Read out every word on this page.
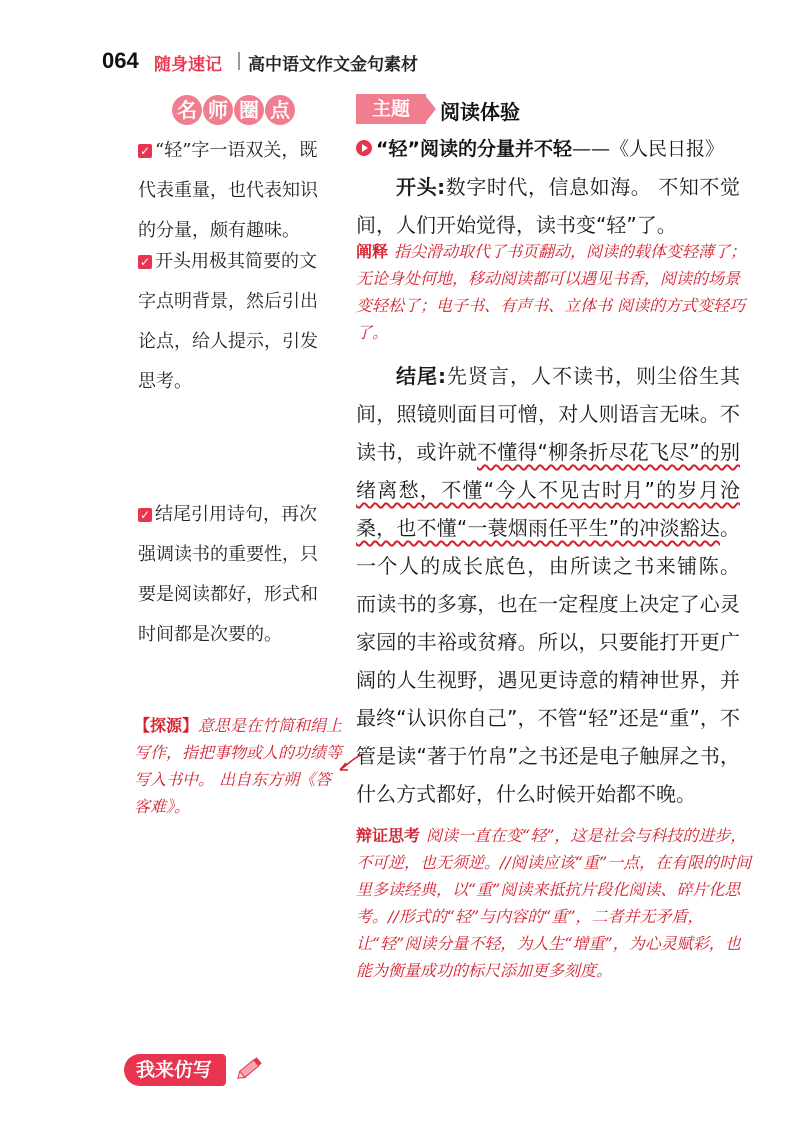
064 随身速记 高中语文作文金句素材
名 师 圈 点	主题	阅读体验
✓ “轻”字一语双关，既代表重量，也代表知识的分量，颇有趣味。
✓ 开头用极其简要的文字点明背景，然后引出论点，给人提示，引发思考。
✓ 结尾引用诗句，再次强调读书的重要性，只要是阅读都好，形式和时间都是次要的。
【探源】意思是在竹简和绢上写作，指把事物或人的功绩等写入书中。 出自东方朔《答客难》。
“轻”阅读的分量并不轻——《人民日报》
开头:数字时代，信息如海。 不知不觉间，人们开始觉得，读书变“轻”了。
阐释 指尖滑动取代了书页翻动，阅读的载体变轻薄了；无论身处何地，移动阅读都可以遇见书香，阅读的场景变轻松了；电子书、有声书、立体书 阅读的方式变轻巧了。
结尾:先贤言，人不读书，则尘俗生其间，照镜则面目可憎，对人则语言无味。不读书，或许就不懂得“柳条折尽花飞尽”的别绪离愁，不懂“今人不见古时月”的岁月沧桑，也不懂“一蓑烟雨任平生”的冲淡豁达。 一个人的成长底色，由所读之书来铺陈。 而读书的多寡，也在一定程度上决定了心灵家园的丰裕或贫瘠。所以，只要能打开更广阔的人生视野，遇见更诗意的精神世界，并最终“认识你自己”，不管“轻”还是“重”，不管是读“著于竹帛”之书还是电子触屏之书，什么方式都好，什么时候开始都不晚。
辩证思考 阅读一直在变“轻”，这是社会与科技的进步，不可逆，也无须逆。//阅读应该“重”一点，在有限的时间里多读经典，以“重”阅读来抵抗片段化阅读、碎片化思考。//形式的“轻”与内容的“重”，二者并无矛盾，让“轻”阅读分量不轻，为人生“增重”，为心灵赋彩，也能为衡量成功的标尺添加更多刻度。
我来仿写
